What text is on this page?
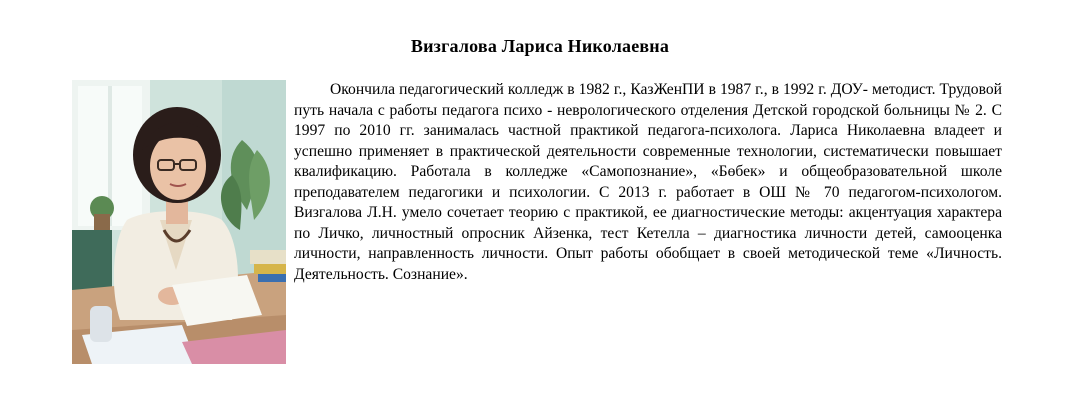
Визгалова Лариса Николаевна

Окончила педагогический колледж в 1982 г., КазЖенПИ в 1987 г., в 1992 г. ДОУ- методист. Трудовой путь начала с работы педагога психо - неврологического отделения Детской городской больницы № 2. С 1997 по 2010 гг. занималась частной практикой педагога-психолога. Лариса Николаевна владеет и успешно применяет в практической деятельности современные технологии, систематически повышает квалификацию. Работала в колледже «Самопознание», «Бөбек» и общеобразовательной школе преподавателем педагогики и психологии. С 2013 г. работает в ОШ № 70 педагогом-психологом. Визгалова Л.Н. умело сочетает теорию с практикой, ее диагностические методы: акцентуация характера по Личко, личностный опросник Айзенка, тест Кетелла – диагностика личности детей, самооценка личности, направленность личности. Опыт работы обобщает в своей методической теме «Личность. Деятельность. Сознание».
